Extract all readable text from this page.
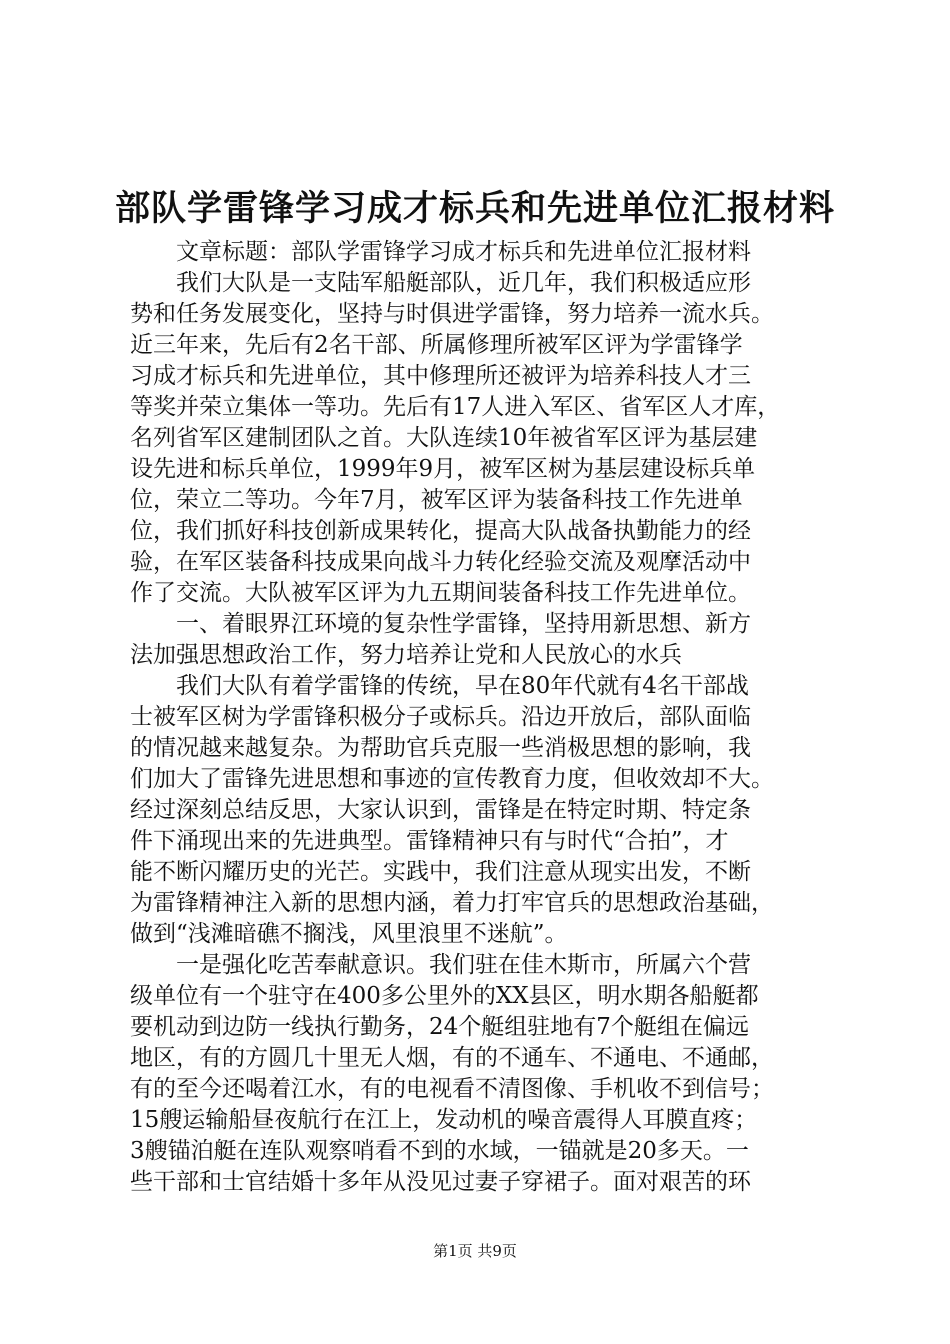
部队学雷锋学习成才标兵和先进单位汇报材料
　　文章标题：部队学雷锋学习成才标兵和先进单位汇报材料
　　我们大队是一支陆军船艇部队，近几年，我们积极适应形
势和任务发展变化，坚持与时俱进学雷锋，努力培养一流水兵。
近三年来，先后有2名干部、所属修理所被军区评为学雷锋学
习成才标兵和先进单位，其中修理所还被评为培养科技人才三
等奖并荣立集体一等功。先后有17人进入军区、省军区人才库，
名列省军区建制团队之首。大队连续10年被省军区评为基层建
设先进和标兵单位，1999年9月，被军区树为基层建设标兵单
位，荣立二等功。今年7月，被军区评为装备科技工作先进单
位，我们抓好科技创新成果转化，提高大队战备执勤能力的经
验，在军区装备科技成果向战斗力转化经验交流及观摩活动中
作了交流。大队被军区评为九五期间装备科技工作先进单位。
　　一、着眼界江环境的复杂性学雷锋，坚持用新思想、新方
法加强思想政治工作，努力培养让党和人民放心的水兵
　　我们大队有着学雷锋的传统，早在80年代就有4名干部战
士被军区树为学雷锋积极分子或标兵。沿边开放后，部队面临
的情况越来越复杂。为帮助官兵克服一些消极思想的影响，我
们加大了雷锋先进思想和事迹的宣传教育力度，但收效却不大。
经过深刻总结反思，大家认识到，雷锋是在特定时期、特定条
件下涌现出来的先进典型。雷锋精神只有与时代“合拍”，才
能不断闪耀历史的光芒。实践中，我们注意从现实出发，不断
为雷锋精神注入新的思想内涵，着力打牢官兵的思想政治基础，
做到“浅滩暗礁不搁浅，风里浪里不迷航”。
　　一是强化吃苦奉献意识。我们驻在佳木斯市，所属六个营
级单位有一个驻守在400多公里外的XX县区，明水期各船艇都
要机动到边防一线执行勤务，24个艇组驻地有7个艇组在偏远
地区，有的方圆几十里无人烟，有的不通车、不通电、不通邮，
有的至今还喝着江水，有的电视看不清图像、手机收不到信号；
15艘运输船昼夜航行在江上，发动机的噪音震得人耳膜直疼；
3艘锚泊艇在连队观察哨看不到的水域，一锚就是20多天。一
些干部和士官结婚十多年从没见过妻子穿裙子。面对艰苦的环
第1页 共9页
